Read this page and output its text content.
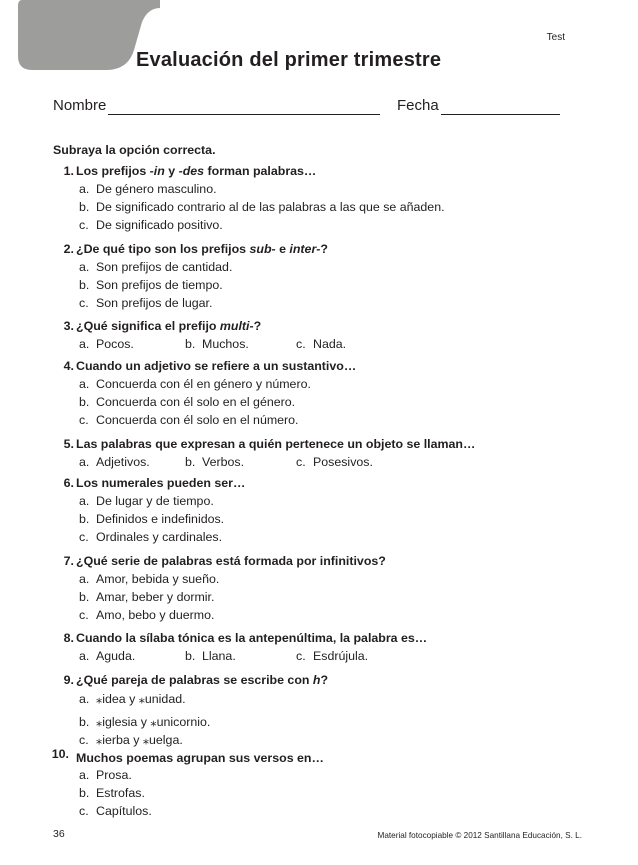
Test
Evaluación del primer trimestre
Nombre	Fecha
Subraya la opción correcta.
1. Los prefijos -in y -des forman palabras…
a. De género masculino.
b. De significado contrario al de las palabras a las que se añaden.
c. De significado positivo.
2. ¿De qué tipo son los prefijos sub- e inter-?
a. Son prefijos de cantidad.
b. Son prefijos de tiempo.
c. Son prefijos de lugar.
3. ¿Qué significa el prefijo multi-?
a. Pocos.	b. Muchos.	c. Nada.
4. Cuando un adjetivo se refiere a un sustantivo…
a. Concuerda con él en género y número.
b. Concuerda con él solo en el género.
c. Concuerda con él solo en el número.
5. Las palabras que expresan a quién pertenece un objeto se llaman…
a. Adjetivos.	b. Verbos.	c. Posesivos.
6. Los numerales pueden ser…
a. De lugar y de tiempo.
b. Definidos e indefinidos.
c. Ordinales y cardinales.
7. ¿Qué serie de palabras está formada por infinitivos?
a. Amor, bebida y sueño.
b. Amar, beber y dormir.
c. Amo, bebo y duermo.
8. Cuando la sílaba tónica es la antepenúltima, la palabra es…
a. Aguda.	b. Llana.	c. Esdrújula.
9. ¿Qué pareja de palabras se escribe con h?
a. ⁎idea y ⁎unidad.
b. ⁎iglesia y ⁎unicornio.
c. ⁎ierba y ⁎uelga.
10. Muchos poemas agrupan sus versos en…
a. Prosa.
b. Estrofas.
c. Capítulos.
36	Material fotocopiable © 2012 Santillana Educación, S. L.
